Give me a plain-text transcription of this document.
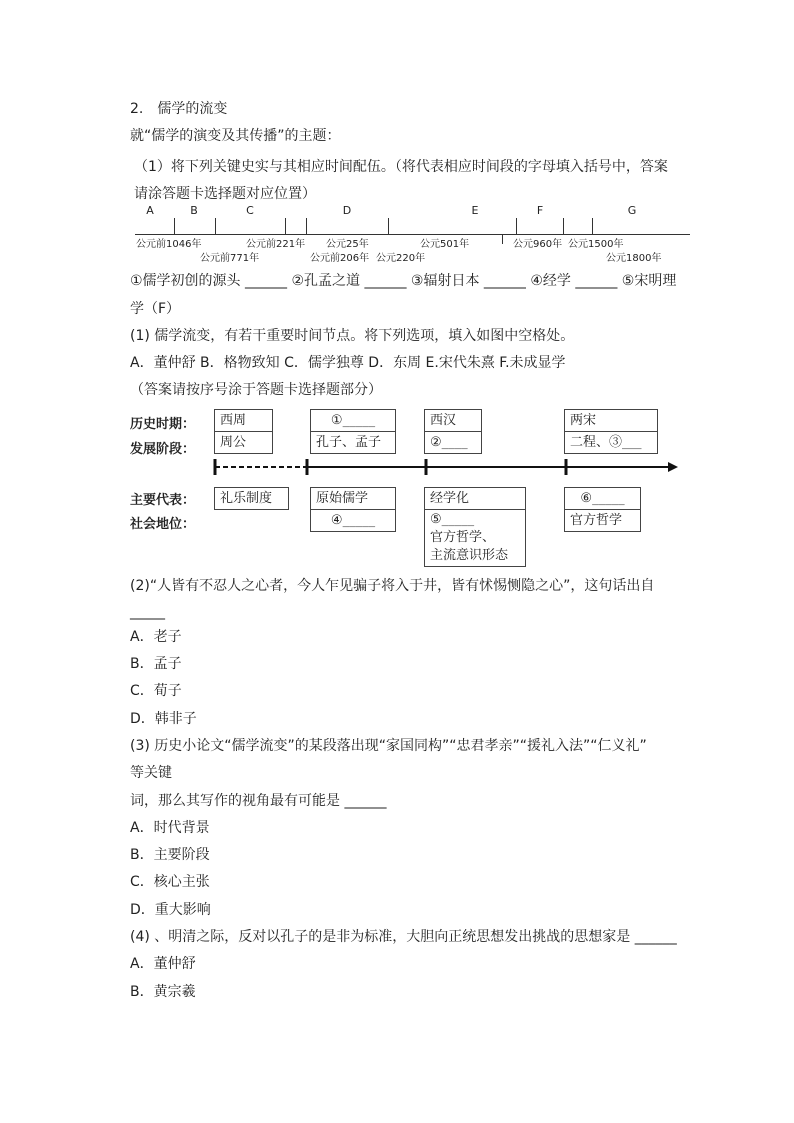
2.　儒学的流变
就“儒学的演变及其传播”的主题：
（1）将下列关键史实与其相应时间配伍。（将代表相应时间段的字母填入括号中，答案请涂答题卡选择题对应位置）
A	B	C	D	E	F	G
公元前1046年	公元前221年 公元25年	公元501年	公元960年 公元1500年
公元前771年	公元前206年 公元220年	公元1800年
①儒学初创的源头 ______ ②孔孟之道 ______ ③辐射日本 ______ ④经学 ______ ⑤宋明理
学（F）
(1) 儒学流变，有若干重要时间节点。将下列选项，填入如图中空格处。
A．董仲舒 B．格物致知 C．儒学独尊 D．东周 E.宋代朱熹 F.未成显学
（答案请按序号涂于答题卡选择题部分）
历史时期：
发展阶段：
主要代表：
社会地位：
西周
周公
①_____
孔子、孟子
西汉
②____
两宋
二程、③___
礼乐制度	原始儒学
④_____
经学化
⑤_____
官方哲学、
主流意识形态
⑥_____
官方哲学
(2)“人皆有不忍人之心者，今人乍见骗子将入于井，皆有怵惕恻隐之心”，这句话出自
_____
A．老子
B．孟子
C．荀子
D．韩非子
(3) 历史小论文“儒学流变”的某段落出现“家国同构”“忠君孝亲”“援礼入法”“仁义礼”
等关键
词，那么其写作的视角最有可能是 ______
A．时代背景
B．主要阶段
C．核心主张
D．重大影响
(4) 、明清之际，反对以孔子的是非为标准，大胆向正统思想发出挑战的思想家是 ______
A．董仲舒
B．黄宗羲
